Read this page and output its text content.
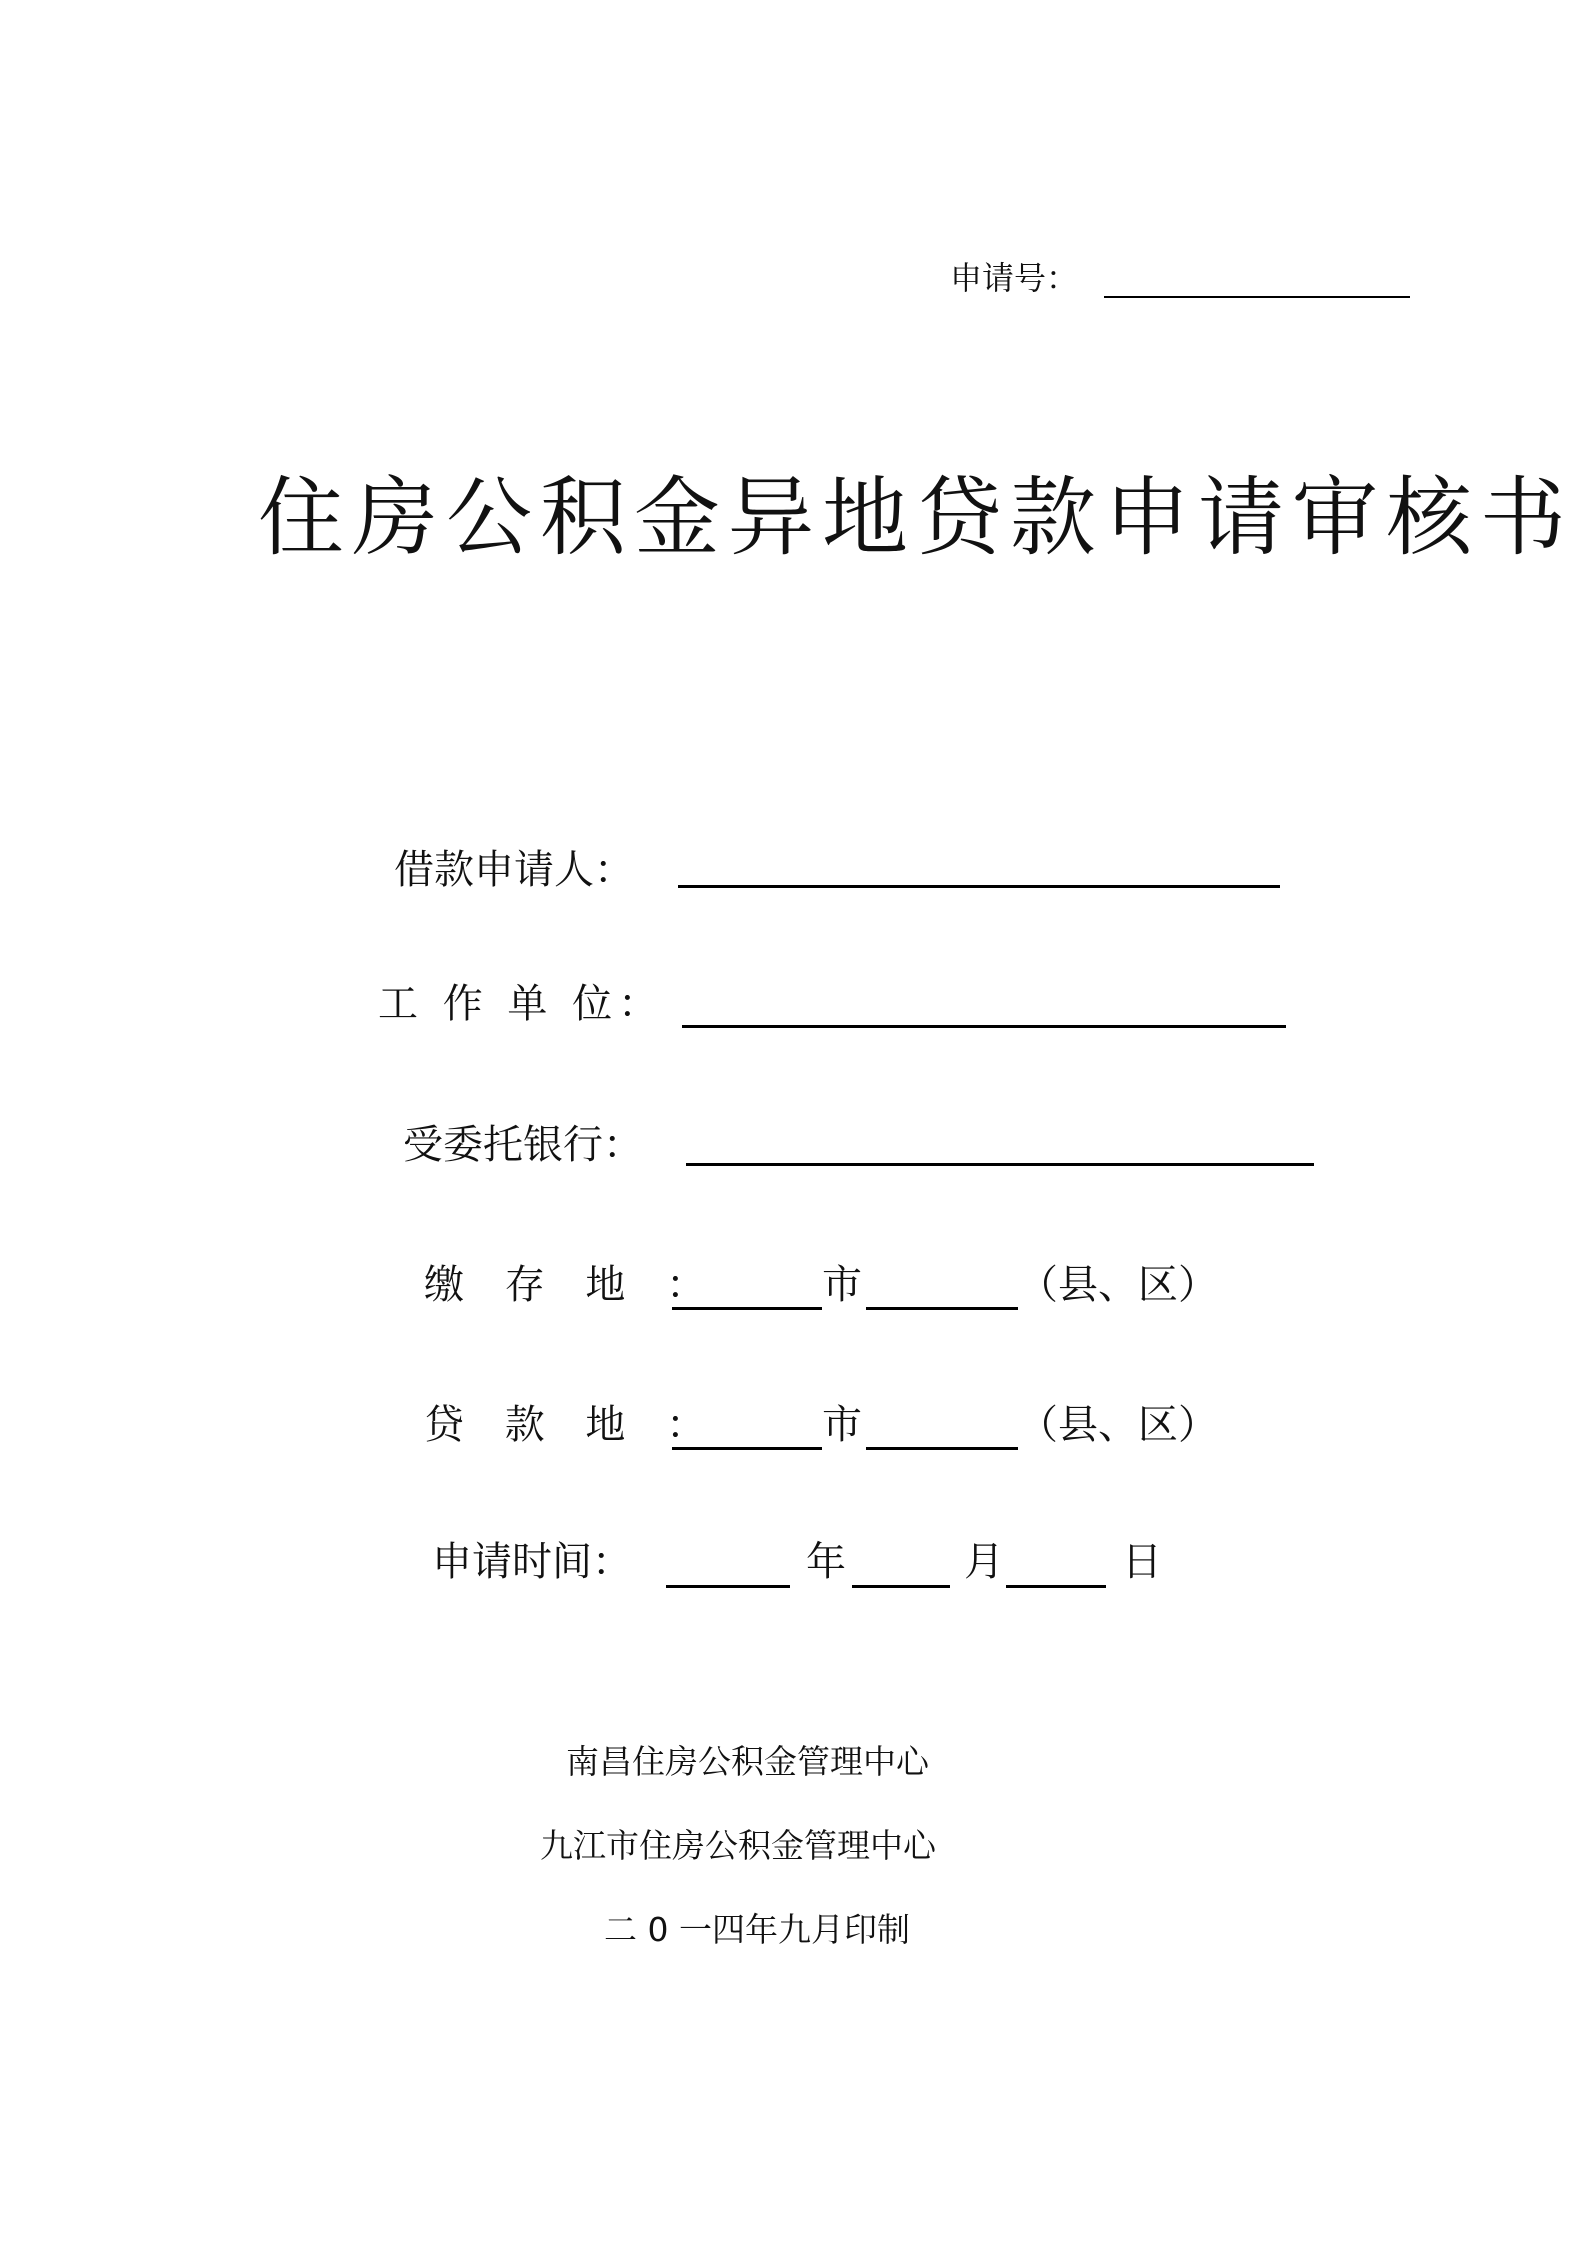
申请号：
住房公积金异地贷款申请审核书
借款申请人：
工 作 单 位：
受委托银行：
缴 存 地 ：	市	（县、区）
贷 款 地 ：	市	（县、区）
申请时间：	年	月	日
南昌住房公积金管理中心
九江市住房公积金管理中心
二 0 一四年九月印制
